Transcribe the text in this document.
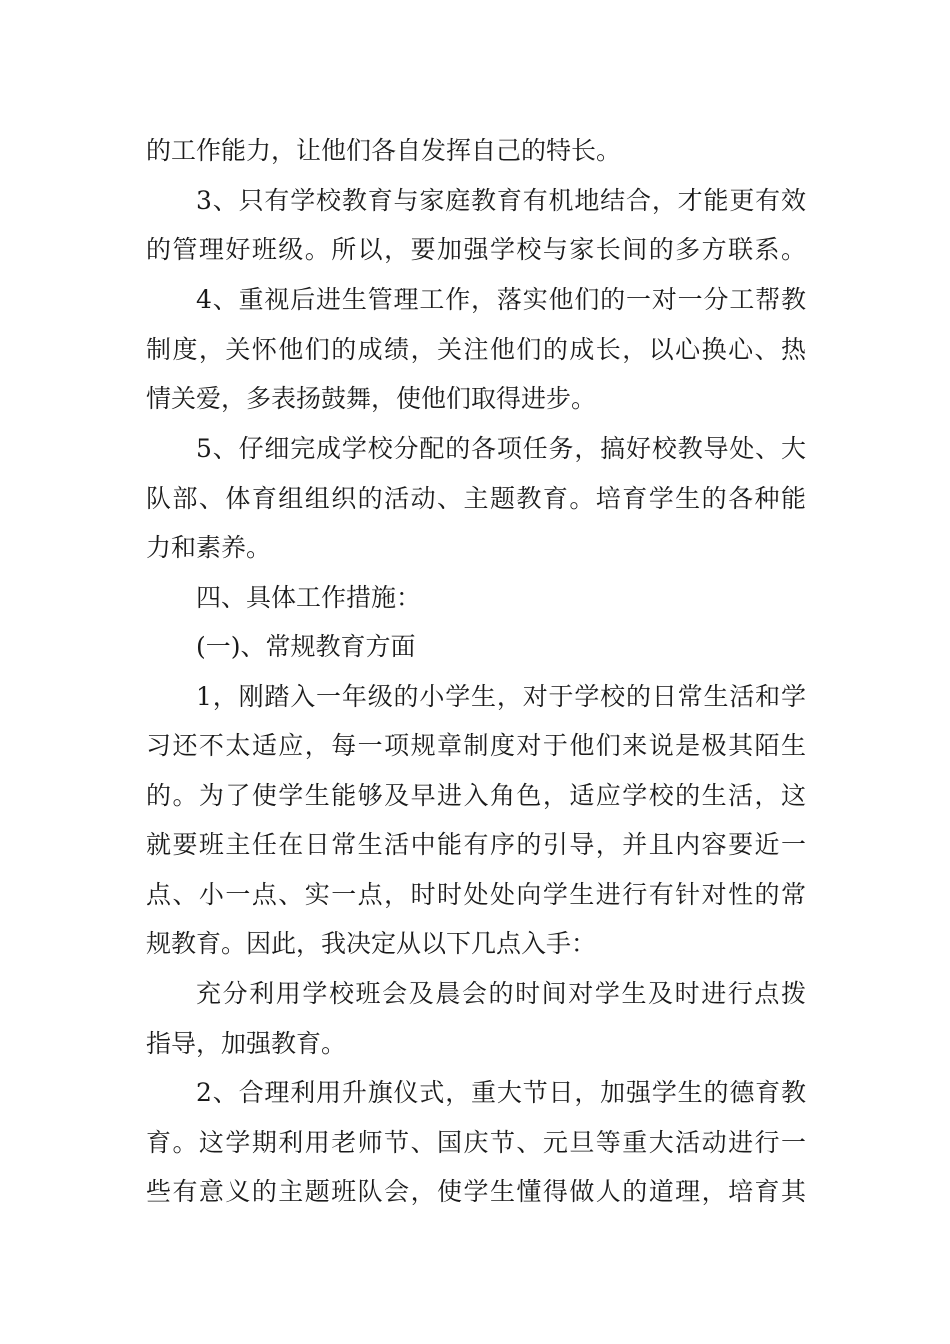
的工作能力，让他们各自发挥自己的特长。
3、只有学校教育与家庭教育有机地结合，才能更有效
的管理好班级。所以，要加强学校与家长间的多方联系。
4、重视后进生管理工作，落实他们的一对一分工帮教
制度，关怀他们的成绩，关注他们的成长，以心换心、热
情关爱，多表扬鼓舞，使他们取得进步。
5、仔细完成学校分配的各项任务，搞好校教导处、大
队部、体育组组织的活动、主题教育。培育学生的各种能
力和素养。
四、具体工作措施：
(一)、常规教育方面
1，刚踏入一年级的小学生，对于学校的日常生活和学
习还不太适应，每一项规章制度对于他们来说是极其陌生
的。为了使学生能够及早进入角色，适应学校的生活，这
就要班主任在日常生活中能有序的引导，并且内容要近一
点、小一点、实一点，时时处处向学生进行有针对性的常
规教育。因此，我决定从以下几点入手：
充分利用学校班会及晨会的时间对学生及时进行点拨
指导，加强教育。
2、合理利用升旗仪式，重大节日，加强学生的德育教
育。这学期利用老师节、国庆节、元旦等重大活动进行一
些有意义的主题班队会，使学生懂得做人的道理，培育其
